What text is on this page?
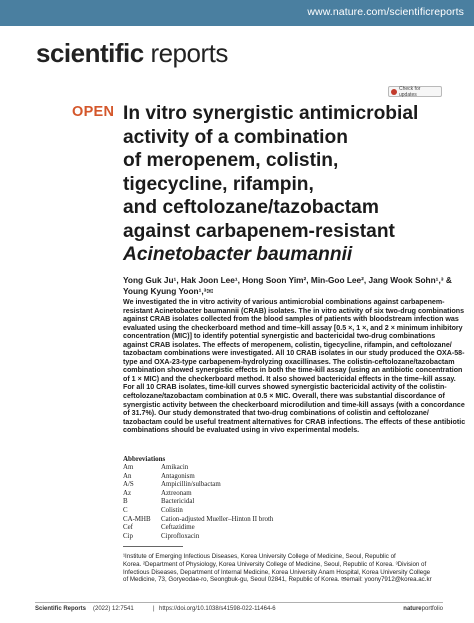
www.nature.com/scientificreports
scientific reports
Check for updates
OPEN In vitro synergistic antimicrobial
activity of a combination
of meropenem, colistin,
tigecycline, rifampin,
and ceftolozane/tazobactam
against carbapenem-resistant
Acinetobacter baumannii
Yong Guk Ju¹, Hak Joon Lee¹, Hong Soon Yim², Min-Goo Lee², Jang Wook Sohn¹,³ &
Young Kyung Yoon¹,³✉
We investigated the in vitro activity of various antimicrobial combinations against carbapenem-
resistant Acinetobacter baumannii (CRAB) isolates. The in vitro activity of six two-drug combinations
against CRAB isolates collected from the blood samples of patients with bloodstream infection was
evaluated using the checkerboard method and time–kill assay [0.5 ×, 1 ×, and 2 × minimum inhibitory
concentration (MIC)] to identify potential synergistic and bactericidal two-drug combinations
against CRAB isolates. The effects of meropenem, colistin, tigecycline, rifampin, and ceftolozane/
tazobactam combinations were investigated. All 10 CRAB isolates in our study produced the OXA-58-
type and OXA-23-type carbapenem-hydrolyzing oxacillinases. The colistin-ceftolozane/tazobactam
combination showed synergistic effects in both the time-kill assay (using an antibiotic concentration
of 1 × MIC) and the checkerboard method. It also showed bactericidal effects in the time–kill assay.
For all 10 CRAB isolates, time-kill curves showed synergistic bactericidal activity of the colistin-
ceftolozane/tazobactam combination at 0.5 × MIC. Overall, there was substantial discordance of
synergistic activity between the checkerboard microdilution and time-kill assays (with a concordance
of 31.7%). Our study demonstrated that two-drug combinations of colistin and ceftolozane/
tazobactam could be useful treatment alternatives for CRAB infections. The effects of these antibiotic
combinations should be evaluated using in vivo experimental models.
Abbreviations
Am	Amikacin
An	Antagonism
A/S	Ampicillin/sulbactam
Az	Aztreonam
B	Bactericidal
C	Colistin
CA-MHB	Cation-adjusted Mueller–Hinton II broth
Cef	Ceftazidime
Cip	Ciprofloxacin
¹Institute of Emerging Infectious Diseases, Korea University College of Medicine, Seoul, Republic of
Korea. ²Department of Physiology, Korea University College of Medicine, Seoul, Republic of Korea. ³Division of
Infectious Diseases, Department of Internal Medicine, Korea University Anam Hospital, Korea University College
of Medicine, 73, Goryeodae-ro, Seongbuk-gu, Seoul 02841, Republic of Korea. ✉email: yoony7912@korea.ac.kr
Scientific Reports (2022) 12:7541	| https://doi.org/10.1038/s41598-022-11464-6	natureportfolio
